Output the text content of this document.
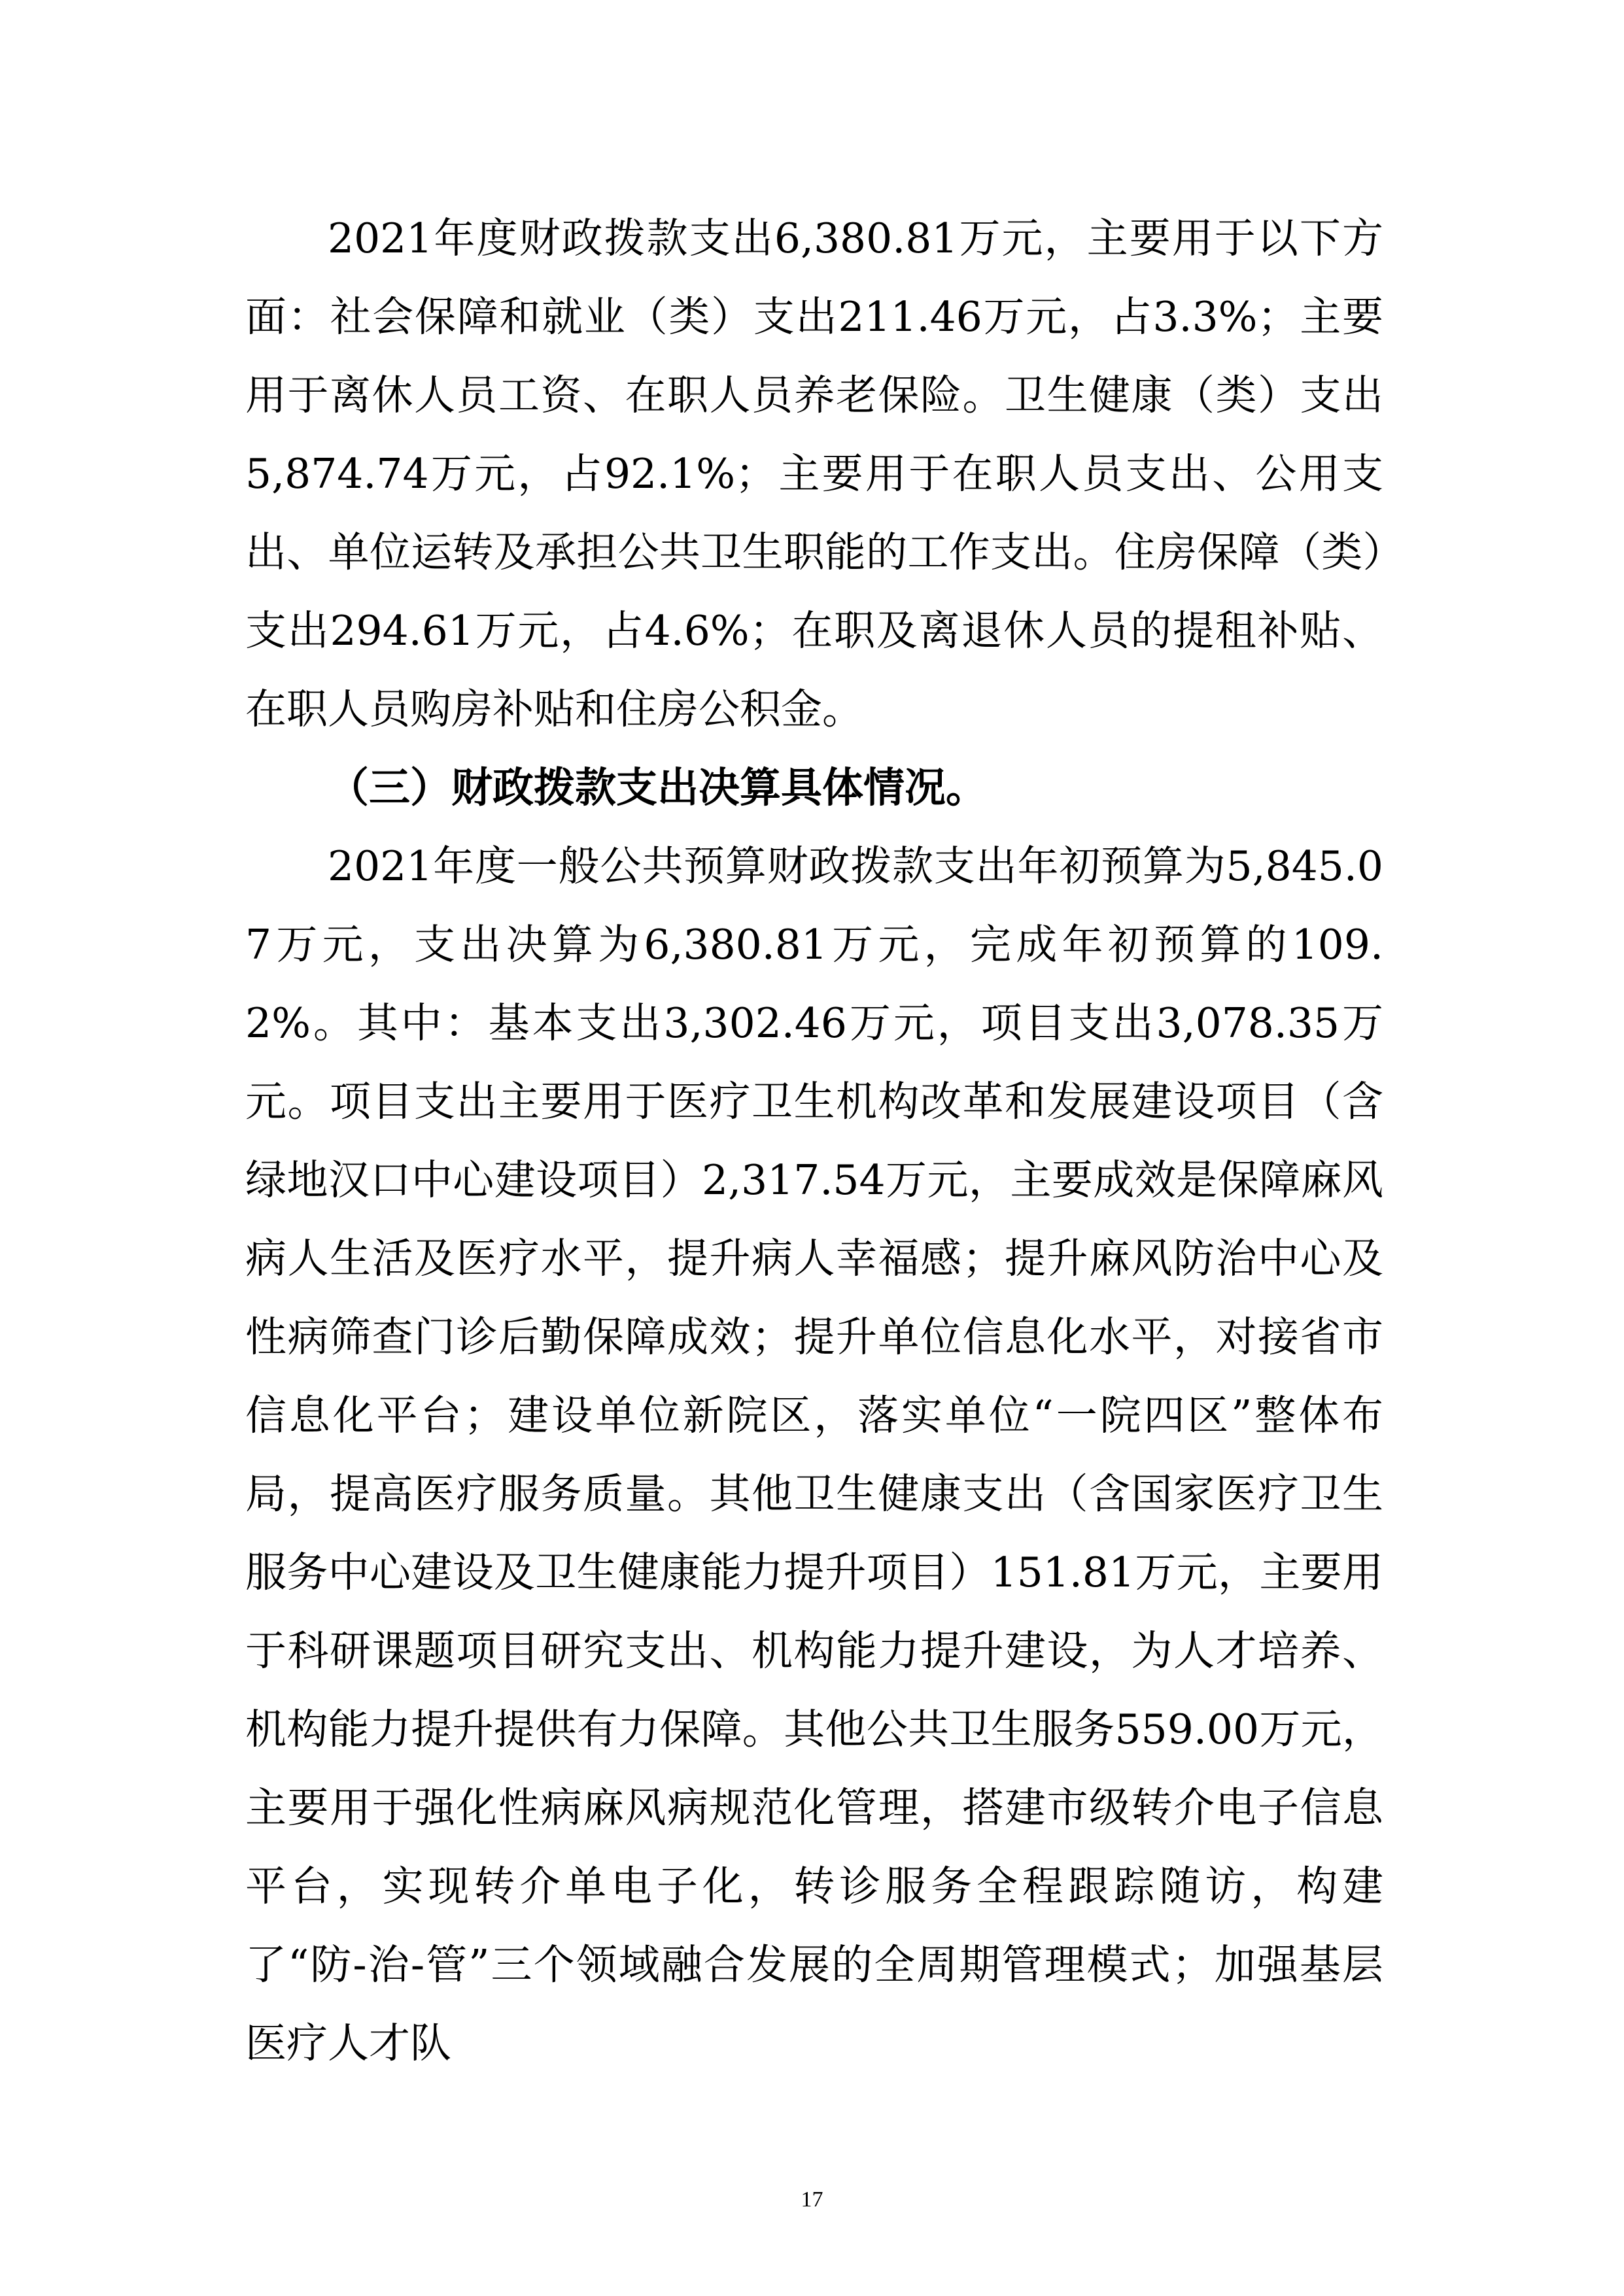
2021年度财政拨款支出6,380.81万元，主要用于以下方面：社会保障和就业（类）支出211.46万元，占3.3%；主要用于离休人员工资、在职人员养老保险。卫生健康（类）支出5,874.74万元，占92.1%；主要用于在职人员支出、公用支出、单位运转及承担公共卫生职能的工作支出。住房保障（类）支出294.61万元，占4.6%；在职及离退休人员的提租补贴、在职人员购房补贴和住房公积金。

（三）财政拨款支出决算具体情况。

2021年度一般公共预算财政拨款支出年初预算为5,845.07万元，支出决算为6,380.81万元，完成年初预算的109.2%。其中：基本支出3,302.46万元，项目支出3,078.35万元。项目支出主要用于医疗卫生机构改革和发展建设项目（含绿地汉口中心建设项目）2,317.54万元，主要成效是保障麻风病人生活及医疗水平，提升病人幸福感；提升麻风防治中心及性病筛查门诊后勤保障成效；提升单位信息化水平，对接省市信息化平台；建设单位新院区，落实单位“一院四区”整体布局，提高医疗服务质量。其他卫生健康支出（含国家医疗卫生服务中心建设及卫生健康能力提升项目）151.81万元，主要用于科研课题项目研究支出、机构能力提升建设，为人才培养、机构能力提升提供有力保障。其他公共卫生服务559.00万元，主要用于强化性病麻风病规范化管理，搭建市级转介电子信息平台，实现转介单电子化，转诊服务全程跟踪随访，构建了“防-治-管”三个领域融合发展的全周期管理模式；加强基层医疗人才队

17
